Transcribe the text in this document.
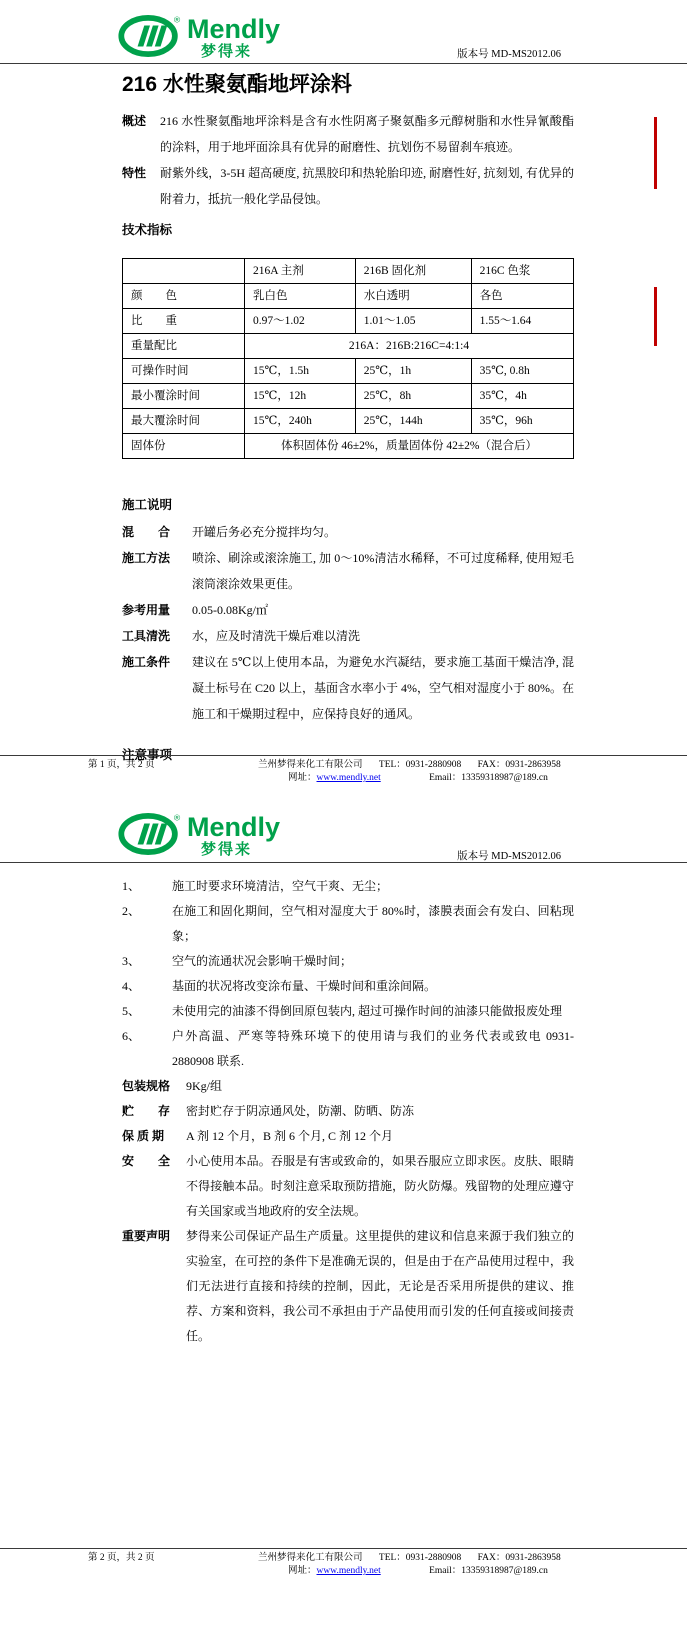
® Mendly
梦得来	版本号 MD-MS2012.06
216 水性聚氨酯地坪涂料
概述	216 水性聚氨酯地坪涂料是含有水性阴离子聚氨酯多元醇树脂和水性异氰酸酯的涂料，用于地坪面涂具有优异的耐磨性、抗划伤不易留刹车痕迹。
特性	耐紫外线，3-5H 超高硬度, 抗黑胶印和热轮胎印迹, 耐磨性好, 抗刻划, 有优异的附着力，抵抗一般化学品侵蚀。
技术指标
	216A 主剂	216B 固化剂	216C 色浆
颜　　色	乳白色	水白透明	各色
比　　重	0.97～1.02	1.01～1.05	1.55～1.64
重量配比	216A：216B:216C=4:1:4		
可操作时间	15℃，1.5h	25℃，1h	35℃, 0.8h
最小覆涂时间	15℃，12h	25℃，8h	35℃，4h
最大覆涂时间	15℃，240h	25℃，144h	35℃，96h
固体份	体积固体份 46±2%，质量固体份 42±2%（混合后）		
施工说明
混　　合	开罐后务必充分搅拌均匀。
施工方法	喷涂、刷涂或滚涂施工, 加 0～10%清洁水稀释，不可过度稀释, 使用短毛滚筒滚涂效果更佳。
参考用量	0.05-0.08Kg/㎡
工具清洗	水，应及时清洗干燥后难以清洗
施工条件	建议在 5℃以上使用本品，为避免水汽凝结，要求施工基面干燥洁净, 混凝土标号在 C20 以上，基面含水率小于 4%，空气相对湿度小于 80%。在施工和干燥期过程中，应保持良好的通风。
注意事项
第 1 页，共 2 页	兰州梦得来化工有限公司 TEL：0931-2880908 FAX：0931-2863958
网址：www.mendly.net	Email：13359318987@189.cn
® Mendly
梦得来	版本号 MD-MS2012.06
1、	施工时要求环境清洁，空气干爽、无尘；
2、	在施工和固化期间，空气相对湿度大于 80%时，漆膜表面会有发白、回粘现象；
3、	空气的流通状况会影响干燥时间；
4、	基面的状况将改变涂布量、干燥时间和重涂间隔。
5、	未使用完的油漆不得倒回原包装内, 超过可操作时间的油漆只能做报废处理
6、	户外高温、严寒等特殊环境下的使用请与我们的业务代表或致电 0931-2880908 联系.
包装规格	9Kg/组
贮　　存	密封贮存于阴凉通风处，防潮、防晒、防冻
保 质 期	A 剂 12 个月，B 剂 6 个月, C 剂 12 个月
安　　全	小心使用本品。吞服是有害或致命的，如果吞服应立即求医。皮肤、眼睛不得接触本品。时刻注意采取预防措施，防火防爆。残留物的处理应遵守有关国家或当地政府的安全法规。
重要声明	梦得来公司保证产品生产质量。这里提供的建议和信息来源于我们独立的实验室，在可控的条件下是准确无误的，但是由于在产品使用过程中，我们无法进行直接和持续的控制，因此，无论是否采用所提供的建议、推荐、方案和资料，我公司不承担由于产品使用而引发的任何直接或间接责任。
第 2 页，共 2 页	兰州梦得来化工有限公司 TEL：0931-2880908 FAX：0931-2863958
网址：www.mendly.net	Email：13359318987@189.cn
